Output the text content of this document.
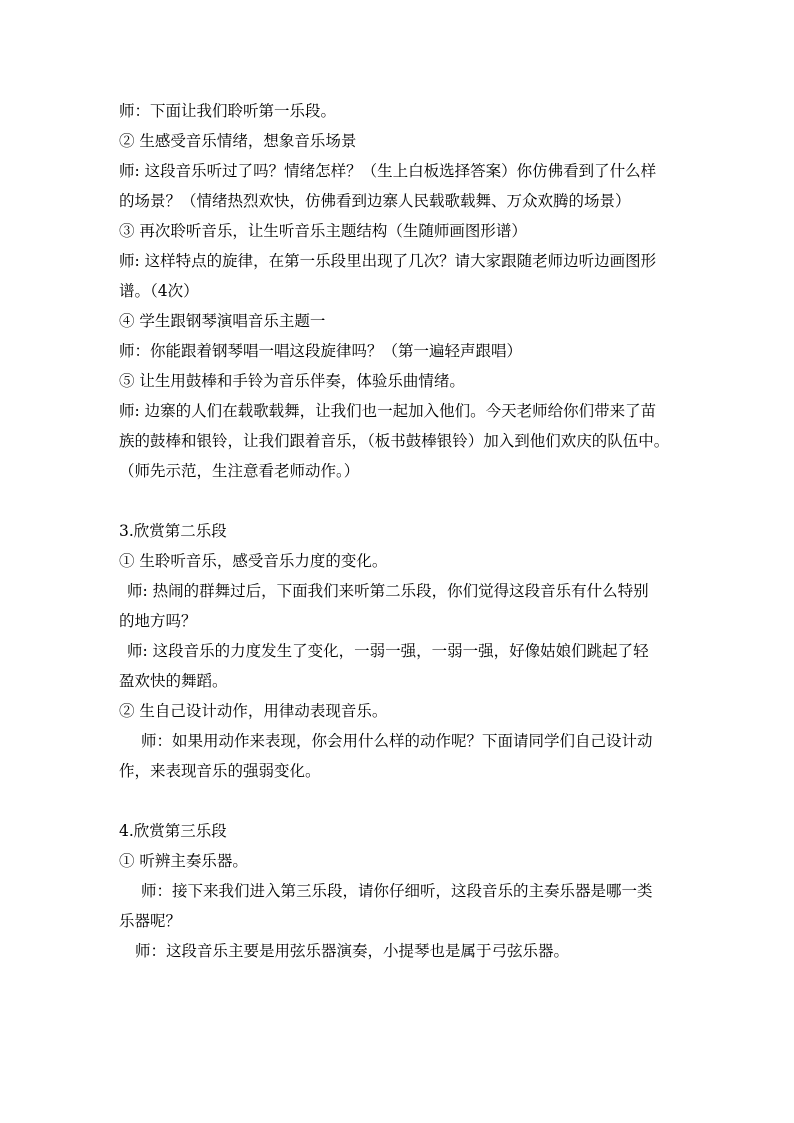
师：下面让我们聆听第一乐段。
② 生感受音乐情绪，想象音乐场景
师: 这段音乐听过了吗？情绪怎样？（生上白板选择答案）你仿佛看到了什么样
的场景？（情绪热烈欢快，仿佛看到边寨人民载歌载舞、万众欢腾的场景）
③ 再次聆听音乐，让生听音乐主题结构（生随师画图形谱）
师: 这样特点的旋律，在第一乐段里出现了几次？请大家跟随老师边听边画图形
谱。（4次）
④ 学生跟钢琴演唱音乐主题一
师：你能跟着钢琴唱一唱这段旋律吗？（第一遍轻声跟唱）
⑤ 让生用鼓棒和手铃为音乐伴奏，体验乐曲情绪。
师: 边寨的人们在载歌载舞，让我们也一起加入他们。今天老师给你们带来了苗
族的鼓棒和银铃，让我们跟着音乐，（板书鼓棒银铃）加入到他们欢庆的队伍中。
（师先示范，生注意看老师动作。）
3.欣赏第二乐段
① 生聆听音乐，感受音乐力度的变化。
师: 热闹的群舞过后，下面我们来听第二乐段，你们觉得这段音乐有什么特别
的地方吗？
师: 这段音乐的力度发生了变化，一弱一强，一弱一强，好像姑娘们跳起了轻
盈欢快的舞蹈。
② 生自己设计动作，用律动表现音乐。
师：如果用动作来表现，你会用什么样的动作呢？下面请同学们自己设计动
作，来表现音乐的强弱变化。
4.欣赏第三乐段
① 听辨主奏乐器。
师：接下来我们进入第三乐段，请你仔细听，这段音乐的主奏乐器是哪一类
乐器呢？
师：这段音乐主要是用弦乐器演奏，小提琴也是属于弓弦乐器。
